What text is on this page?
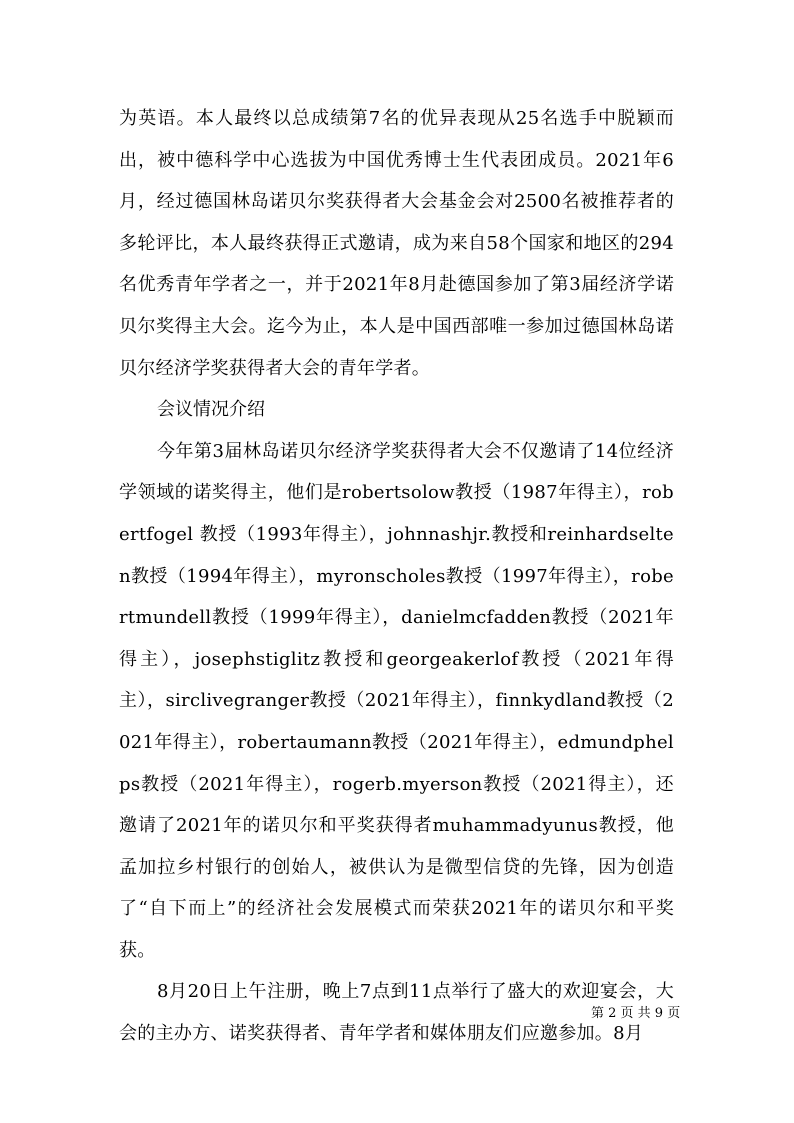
为英语。本人最终以总成绩第7名的优异表现从25名选手中脱颖而出，被中德科学中心选拔为中国优秀博士生代表团成员。2021年6月，经过德国林岛诺贝尔奖获得者大会基金会对2500名被推荐者的多轮评比，本人最终获得正式邀请，成为来自58个国家和地区的294名优秀青年学者之一，并于2021年8月赴德国参加了第3届经济学诺贝尔奖得主大会。迄今为止，本人是中国西部唯一参加过德国林岛诺贝尔经济学奖获得者大会的青年学者。

会议情况介绍

今年第3届林岛诺贝尔经济学奖获得者大会不仅邀请了14位经济学领域的诺奖得主，他们是robertsolow教授（1987年得主），robertfogel 教授（1993年得主），johnnashjr.教授和reinhardselten教授（1994年得主），myronscholes教授（1997年得主），robertmundell教授（1999年得主），danielmcfadden教授（2021年得主），josephstiglitz教授和georgeakerlof教授（2021年得主），sirclivegranger教授（2021年得主），finnkydland教授（2021年得主），robertaumann教授（2021年得主），edmundphelps教授（2021年得主），rogerb.myerson教授（2021得主），还邀请了2021年的诺贝尔和平奖获得者muhammadyunus教授，他孟加拉乡村银行的创始人，被供认为是微型信贷的先锋，因为创造了“自下而上”的经济社会发展模式而荣获2021年的诺贝尔和平奖获。

8月20日上午注册，晚上7点到11点举行了盛大的欢迎宴会，大会的主办方、诺奖获得者、青年学者和媒体朋友们应邀参加。8月

第 2 页 共 9 页
